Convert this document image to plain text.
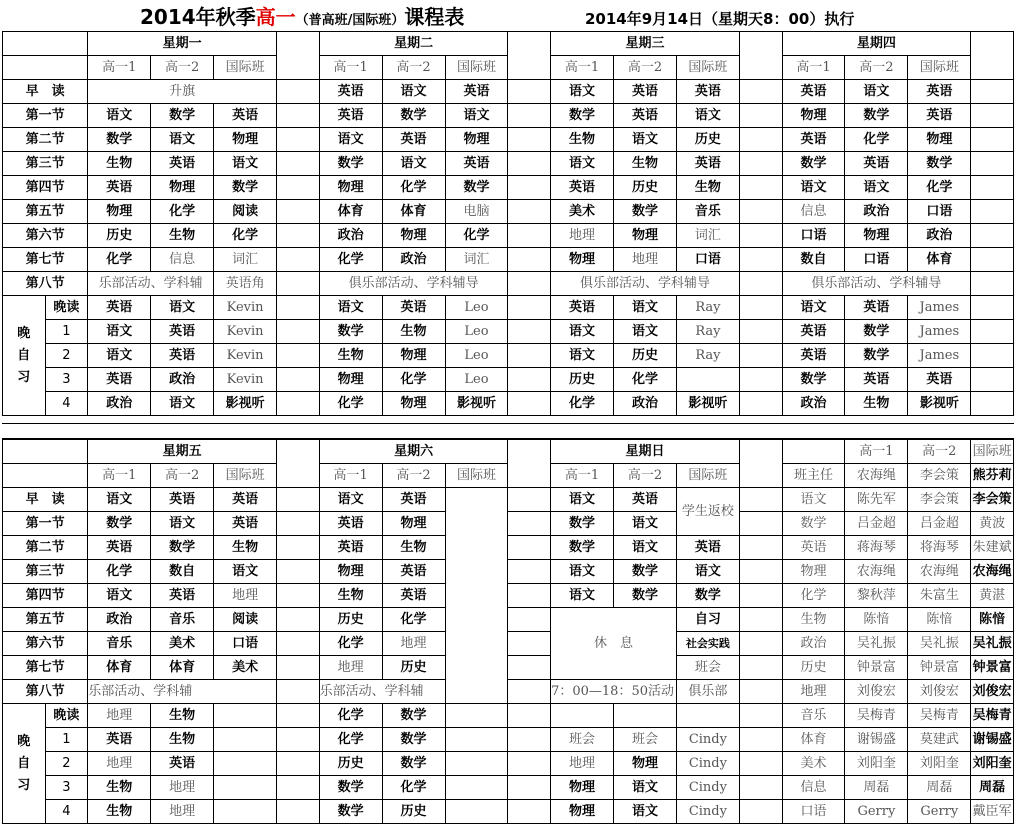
2014年秋季高一（普高班/国际班）课程表	2014年9月14日（星期天8：00）执行
		星期一				星期二				星期三				星期四			
		高一1	高一2	国际班		高一1	高一2	国际班		高一1	高一2	国际班		高一1	高一2	国际班	
早　读		升旗				英语	语文	英语		语文	英语	英语		英语	语文	英语	
第一节		语文	数学	英语		英语	数学	语文		数学	英语	语文		物理	数学	英语	
第二节		数学	语文	物理		语文	英语	物理		生物	语文	历史		英语	化学	物理	
第三节		生物	英语	语文		数学	语文	英语		语文	生物	英语		数学	英语	数学	
第四节		英语	物理	数学		物理	化学	数学		英语	历史	生物		语文	语文	化学	
第五节		物理	化学	阅读		体育	体育	电脑		美术	数学	音乐		信息	政治	口语	
第六节		历史	生物	化学		政治	物理	化学		地理	物理	词汇		口语	物理	政治	
第七节		化学	信息	词汇		化学	政治	词汇		物理	地理	口语		数自	口语	体育	
第八节		乐部活动、学科辅		英语角		俱乐部活动、学科辅导				俱乐部活动、学科辅导				俱乐部活动、学科辅导			

晚
自
习	晚读	英语	语文	Kevin		语文	英语	Leo		英语	语文	Ray		语文	英语	James	
	1	语文	英语	Kevin		数学	生物	Leo		语文	语文	Ray		英语	数学	James	
	2	语文	英语	Kevin		生物	物理	Leo		语文	历史	Ray		英语	数学	James	
	3	英语	政治	Kevin		物理	化学	Leo		历史	化学			数学	英语	英语	
	4	政治	语文	影视听		化学	物理	影视听		化学	政治	影视听		政治	生物	影视听	
		星期五				星期六				星期日					高一1	高一2	国际班
		高一1	高一2	国际班		高一1	高一2	国际班		高一1	高一2	国际班		班主任	农海绳	李会策	熊芬莉
早　读		语文	英语	英语		语文	英语			语文	英语	学生返校		语文	陈先军	李会策	李会策
第一节		数学	语文	英语		英语	物理			数学	语文			数学	吕金超	吕金超	黄波
第二节		英语	数学	生物		英语	生物			数学	语文	英语		英语	蒋海琴	将海琴	朱建斌
第三节		化学	数自	语文		物理	英语			语文	数学	语文		物理	农海绳	农海绳	农海绳
第四节		语文	英语	地理		生物	英语			语文	数学	数学		化学	黎秋萍	朱富生	黄湛
第五节		政治	音乐	阅读		历史	化学			休　息		自习		生物	陈愔	陈愔	陈愔
第六节		音乐	美术	口语		化学	地理					社会实践		政治	吴礼振	吴礼振	吴礼振
第七节		体育	体育	美术		地理	历史					班会		历史	钟景富	钟景富	钟景富
第八节		乐部活动、学科辅				乐部活动、学科辅				7：00—18：50活动		俱乐部		地理	刘俊宏	刘俊宏	刘俊宏

晚
自
习	晚读	地理	生物			化学	数学							音乐	吴梅青	吴梅青	吴梅青
	1	英语	生物			化学	数学			班会	班会	Cindy		体育	谢锡盛	莫建武	谢锡盛
	2	地理	英语			历史	数学			地理	物理	Cindy		美术	刘阳奎	刘阳奎	刘阳奎
	3	生物	地理			数学	化学			物理	语文	Cindy		信息	周磊	周磊	周磊
	4	生物	地理			数学	历史			物理	语文	Cindy		口语	Gerry	Gerry	戴臣军
